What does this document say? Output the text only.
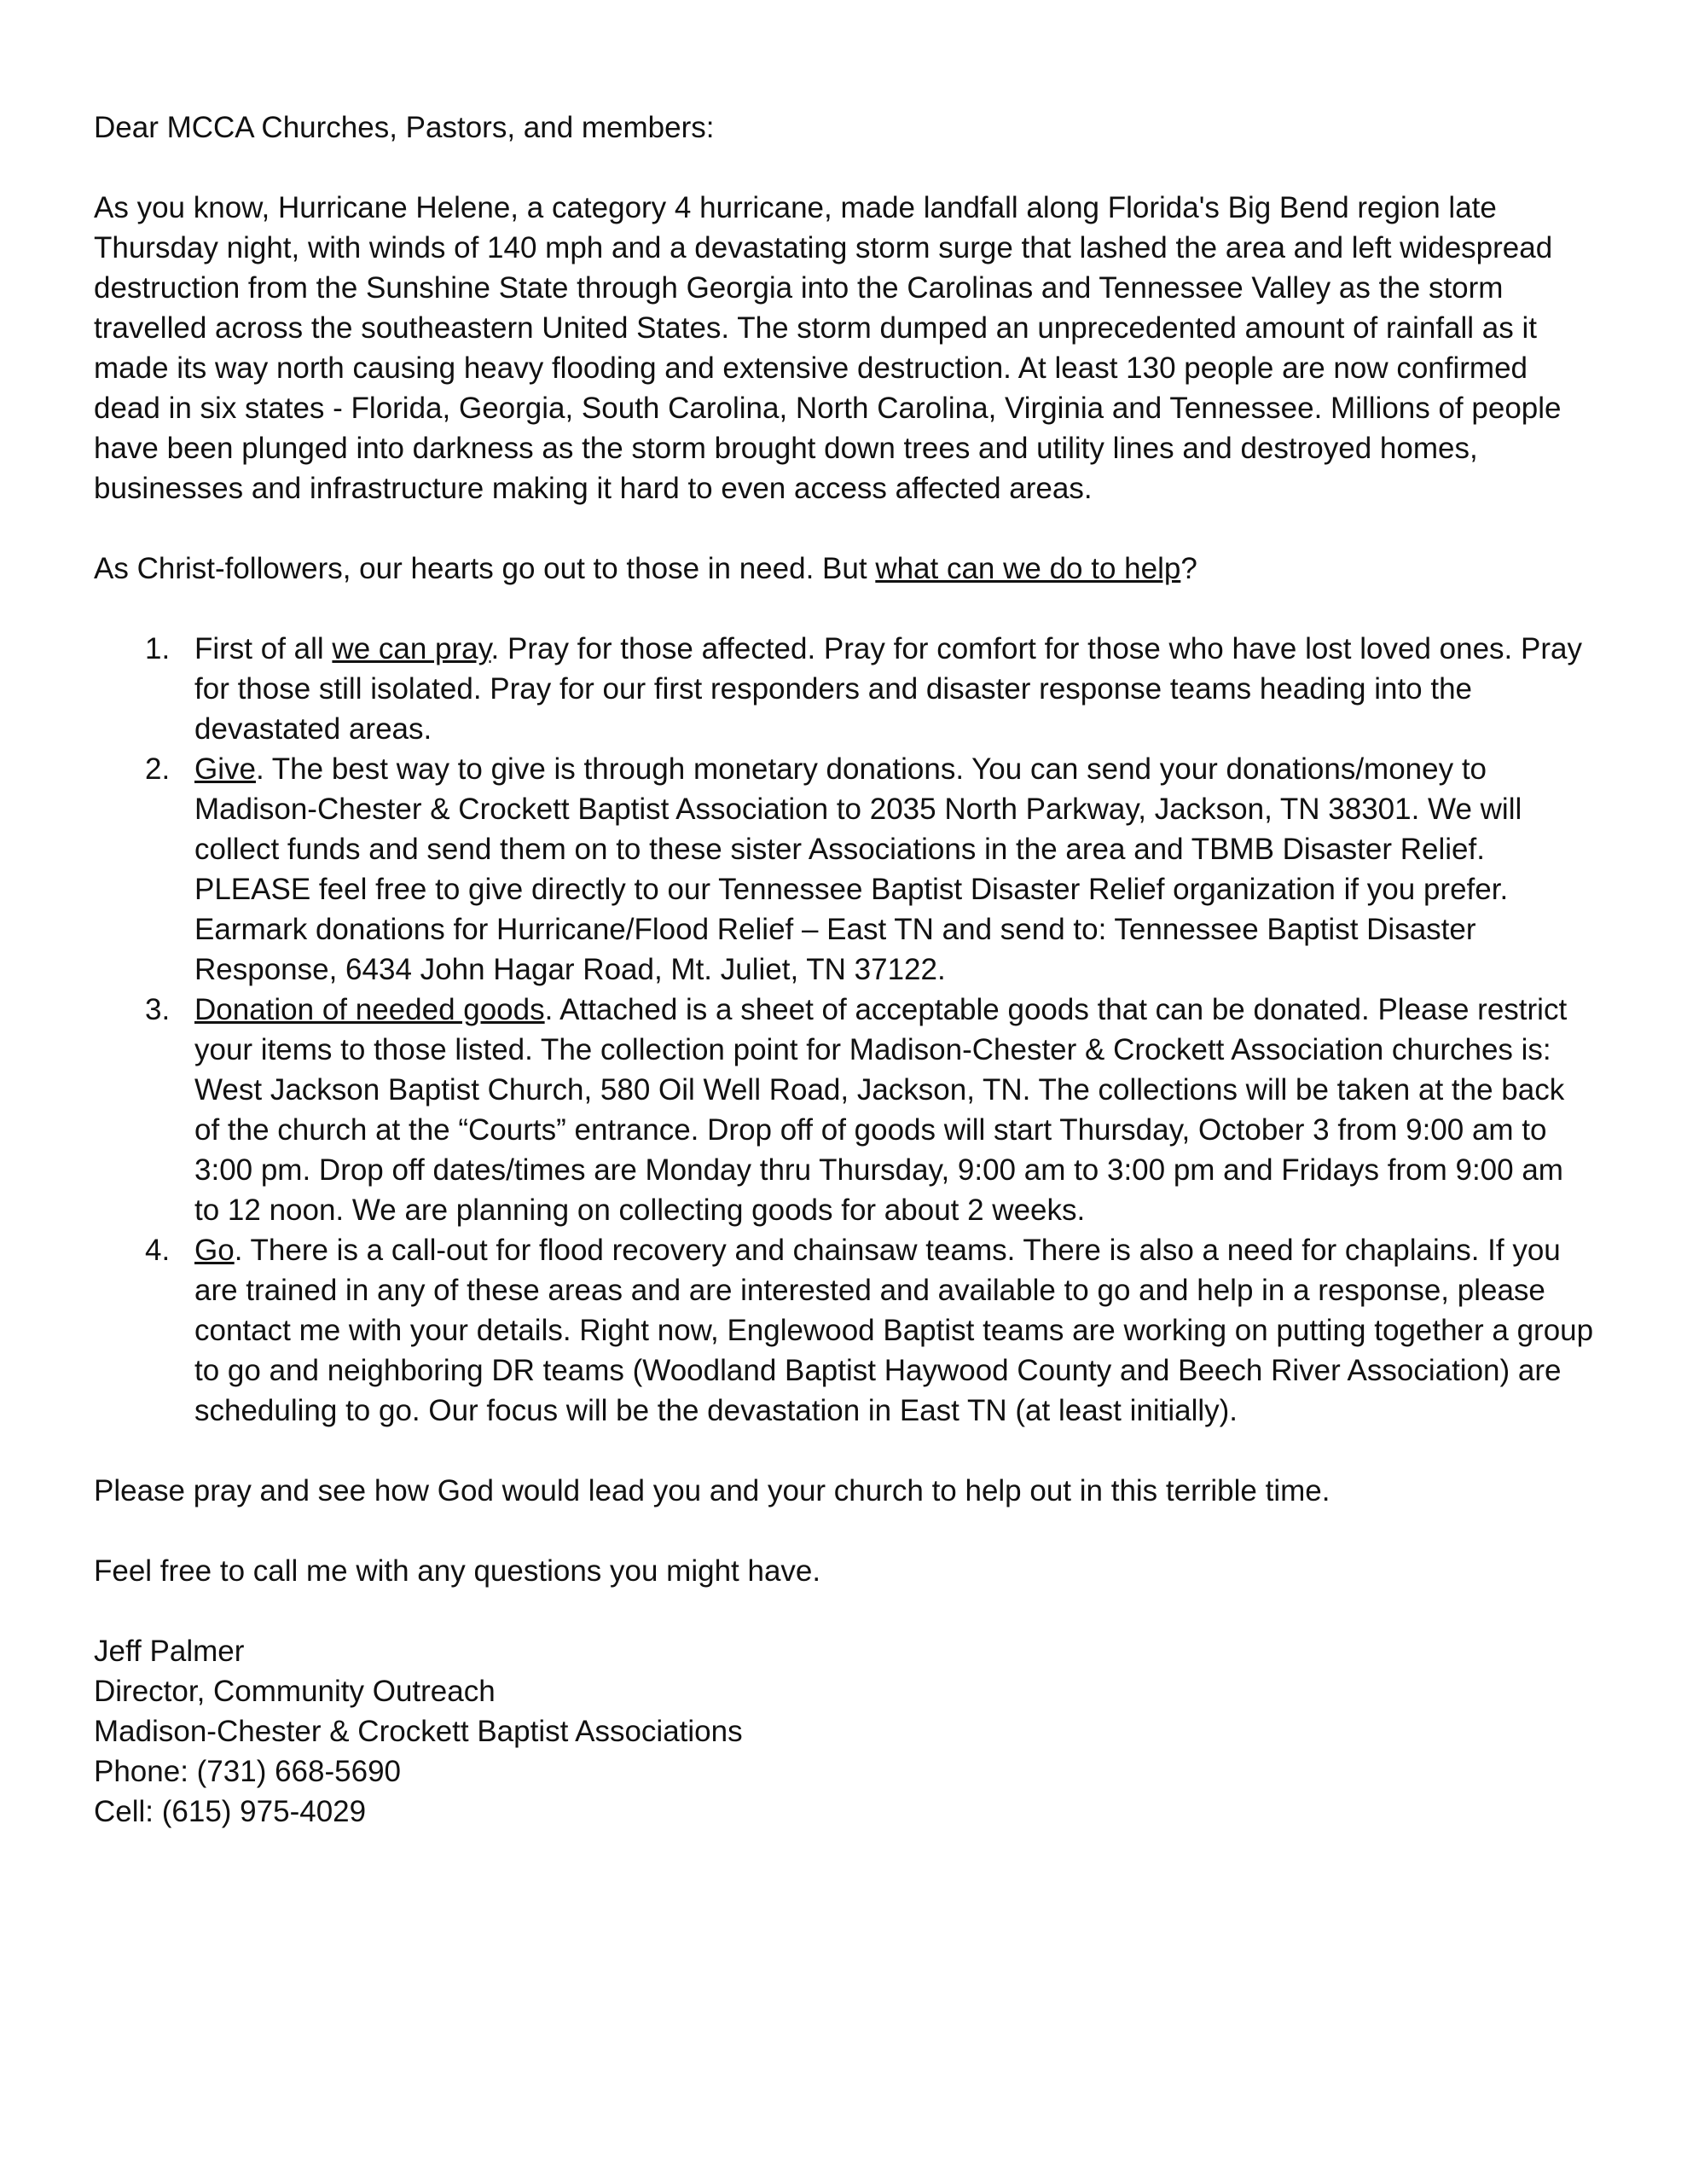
Dear MCCA Churches, Pastors, and members:

As you know, Hurricane Helene, a category 4 hurricane, made landfall along Florida's Big Bend region late Thursday night, with winds of 140 mph and a devastating storm surge that lashed the area and left widespread destruction from the Sunshine State through Georgia into the Carolinas and Tennessee Valley as the storm travelled across the southeastern United States. The storm dumped an unprecedented amount of rainfall as it made its way north causing heavy flooding and extensive destruction. At least 130 people are now confirmed dead in six states - Florida, Georgia, South Carolina, North Carolina, Virginia and Tennessee. Millions of people have been plunged into darkness as the storm brought down trees and utility lines and destroyed homes, businesses and infrastructure making it hard to even access affected areas.

As Christ-followers, our hearts go out to those in need. But what can we do to help?

1. First of all we can pray. Pray for those affected. Pray for comfort for those who have lost loved ones. Pray for those still isolated. Pray for our first responders and disaster response teams heading into the devastated areas.
2. Give. The best way to give is through monetary donations. You can send your donations/money to Madison-Chester & Crockett Baptist Association to 2035 North Parkway, Jackson, TN 38301. We will collect funds and send them on to these sister Associations in the area and TBMB Disaster Relief. PLEASE feel free to give directly to our Tennessee Baptist Disaster Relief organization if you prefer. Earmark donations for Hurricane/Flood Relief – East TN and send to: Tennessee Baptist Disaster Response, 6434 John Hagar Road, Mt. Juliet, TN 37122.
3. Donation of needed goods. Attached is a sheet of acceptable goods that can be donated. Please restrict your items to those listed. The collection point for Madison-Chester & Crockett Association churches is: West Jackson Baptist Church, 580 Oil Well Road, Jackson, TN. The collections will be taken at the back of the church at the “Courts” entrance. Drop off of goods will start Thursday, October 3 from 9:00 am to 3:00 pm. Drop off dates/times are Monday thru Thursday, 9:00 am to 3:00 pm and Fridays from 9:00 am to 12 noon. We are planning on collecting goods for about 2 weeks.
4. Go. There is a call-out for flood recovery and chainsaw teams. There is also a need for chaplains. If you are trained in any of these areas and are interested and available to go and help in a response, please contact me with your details. Right now, Englewood Baptist teams are working on putting together a group to go and neighboring DR teams (Woodland Baptist Haywood County and Beech River Association) are scheduling to go. Our focus will be the devastation in East TN (at least initially).

Please pray and see how God would lead you and your church to help out in this terrible time.

Feel free to call me with any questions you might have.

Jeff Palmer

Director, Community Outreach

Madison-Chester & Crockett Baptist Associations

Phone: (731) 668-5690

Cell: (615) 975-4029
